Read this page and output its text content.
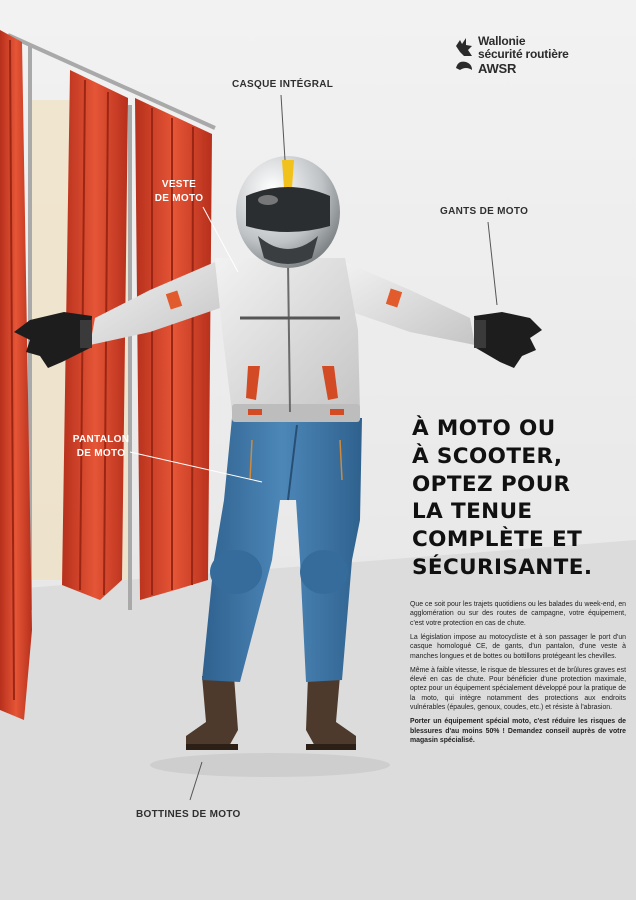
Wallonie
sécurité routière
AWSR
CASQUE INTÉGRAL
VESTE
DE MOTO
GANTS DE MOTO
PANTALON
DE MOTO
BOTTINES DE MOTO
À MOTO OU
À SCOOTER,
OPTEZ POUR
LA TENUE
COMPLÈTE ET
SÉCURISANTE.

Que ce soit pour les trajets quotidiens ou les balades du week-end, en agglomération ou sur des routes de campagne, votre équipement, c'est votre protection en cas de chute.

La législation impose au motocycliste et à son passager le port d'un casque homologué CE, de gants, d'un pantalon, d'une veste à manches longues et de bottes ou bottillons protégeant les chevilles.

Même à faible vitesse, le risque de blessures et de brûlures graves est élevé en cas de chute. Pour bénéficier d'une protection maximale, optez pour un équipement spécialement développé pour la pratique de la moto, qui intègre notamment des protections aux endroits vulnérables (épaules, genoux, coudes, etc.) et résiste à l'abrasion.

Porter un équipement spécial moto, c'est réduire les risques de blessures d'au moins 50% ! Demandez conseil auprès de votre magasin spécialisé.
